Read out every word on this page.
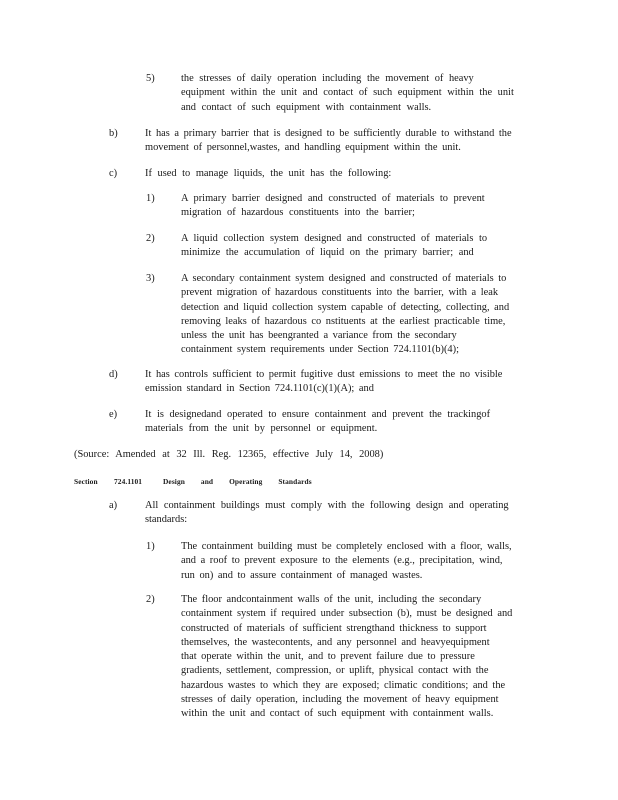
5)	the stresses of daily operation including the movement of heavy
equipment within the unit and contact of such equipment within the unit
and contact of such equipment with containment walls.
b)	It has a primary barrier that is designed to be sufficiently durable to withstand the
movement of personnel,wastes, and handling equipment within the unit.
c)	If used to manage liquids, the unit has the following:
1)	A primary barrier designed and constructed of materials to prevent
migration of hazardous constituents into the barrier;
2)	A liquid collection system designed and constructed of materials to
minimize the accumulation of liquid on the primary barrier; and
3)	A secondary containment system designed and constructed of materials to
prevent migration of hazardous constituents into the barrier, with a leak
detection and liquid collection system capable of detecting, collecting, and
removing leaks of hazardous co nstituents at the earliest practicable time,
unless the unit has beengranted a variance from the secondary
containment system requirements under Section 724.1101(b)(4);
d)	It has controls sufficient to permit fugitive dust emissions to meet the no visible
emission standard in Section 724.1101(c)(1)(A); and
e)	It is designedand operated to ensure containment and prevent the trackingof
materials from the unit by personnel or equipment.
(Source: Amended at 32 Ill. Reg. 12365, effective July 14, 2008)
Section 724.1101	Design and Operating Standards
a)	All containment buildings must comply with the following design and operating
standards:
1)	The containment building must be completely enclosed with a floor, walls,
and a roof to prevent exposure to the elements (e.g., precipitation, wind,
run on) and to assure containment of managed wastes.
2)	The floor andcontainment walls of the unit, including the secondary
containment system if required under subsection (b), must be designed and
constructed of materials of sufficient strengthand thickness to support
themselves, the wastecontents, and any personnel and heavyequipment
that operate within the unit, and to prevent failure due to pressure
gradients, settlement, compression, or uplift, physical contact with the
hazardous wastes to which they are exposed; climatic conditions; and the
stresses of daily operation, including the movement of heavy equipment
within the unit and contact of such equipment with containment walls.
